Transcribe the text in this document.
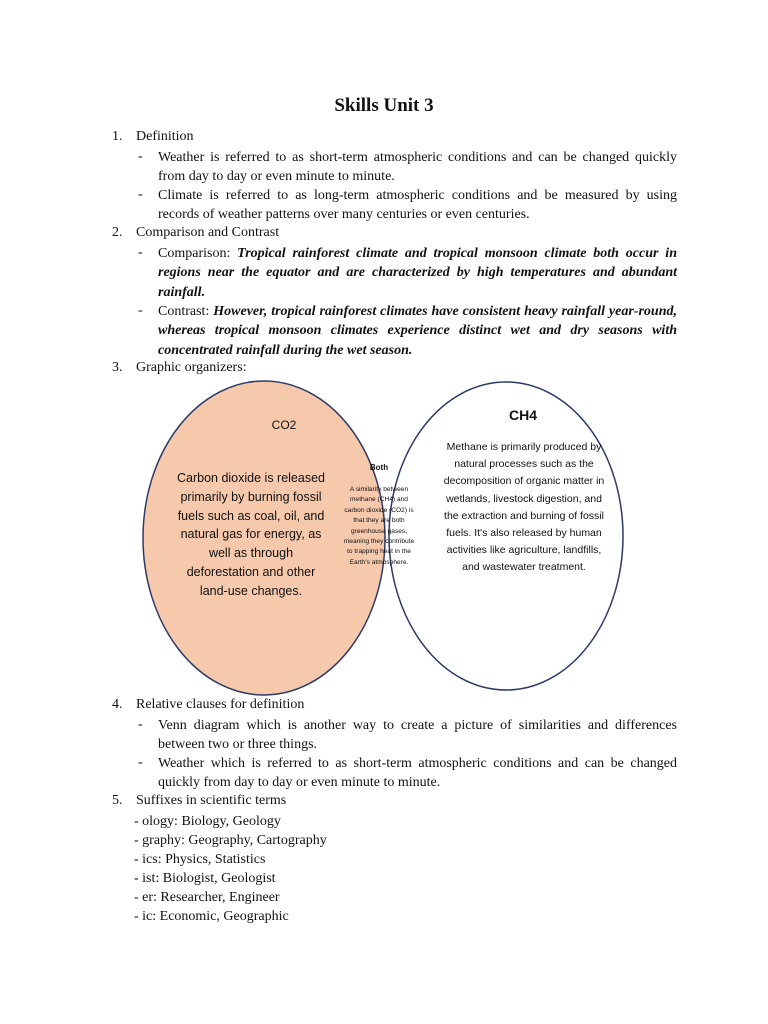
Skills Unit 3
1. Definition
- Weather is referred to as short-term atmospheric conditions and can be changed quickly from day to day or even minute to minute.
- Climate is referred to as long-term atmospheric conditions and be measured by using records of weather patterns over many centuries or even centuries.
2. Comparison and Contrast
- Comparison: Tropical rainforest climate and tropical monsoon climate both occur in regions near the equator and are characterized by high temperatures and abundant rainfall.
- Contrast: However, tropical rainforest climates have consistent heavy rainfall year-round, whereas tropical monsoon climates experience distinct wet and dry seasons with concentrated rainfall during the wet season.
3. Graphic organizers:
CO2
Carbon dioxide is released primarily by burning fossil fuels such as coal, oil, and natural gas for energy, as well as through deforestation and other land-use changes.
Both
A similarity between methane (CH4) and carbon dioxide (CO2) is that they are both greenhouse gases, meaning they contribute to trapping heat in the Earth's atmosphere.
CH4
Methane is primarily produced by natural processes such as the decomposition of organic matter in wetlands, livestock digestion, and the extraction and burning of fossil fuels. It's also released by human activities like agriculture, landfills, and wastewater treatment.
4. Relative clauses for definition
- Venn diagram which is another way to create a picture of similarities and differences between two or three things.
- Weather which is referred to as short-term atmospheric conditions and can be changed quickly from day to day or even minute to minute.
5. Suffixes in scientific terms
- ology: Biology, Geology
- graphy: Geography, Cartography
- ics: Physics, Statistics
- ist: Biologist, Geologist
- er: Researcher, Engineer
- ic: Economic, Geographic
